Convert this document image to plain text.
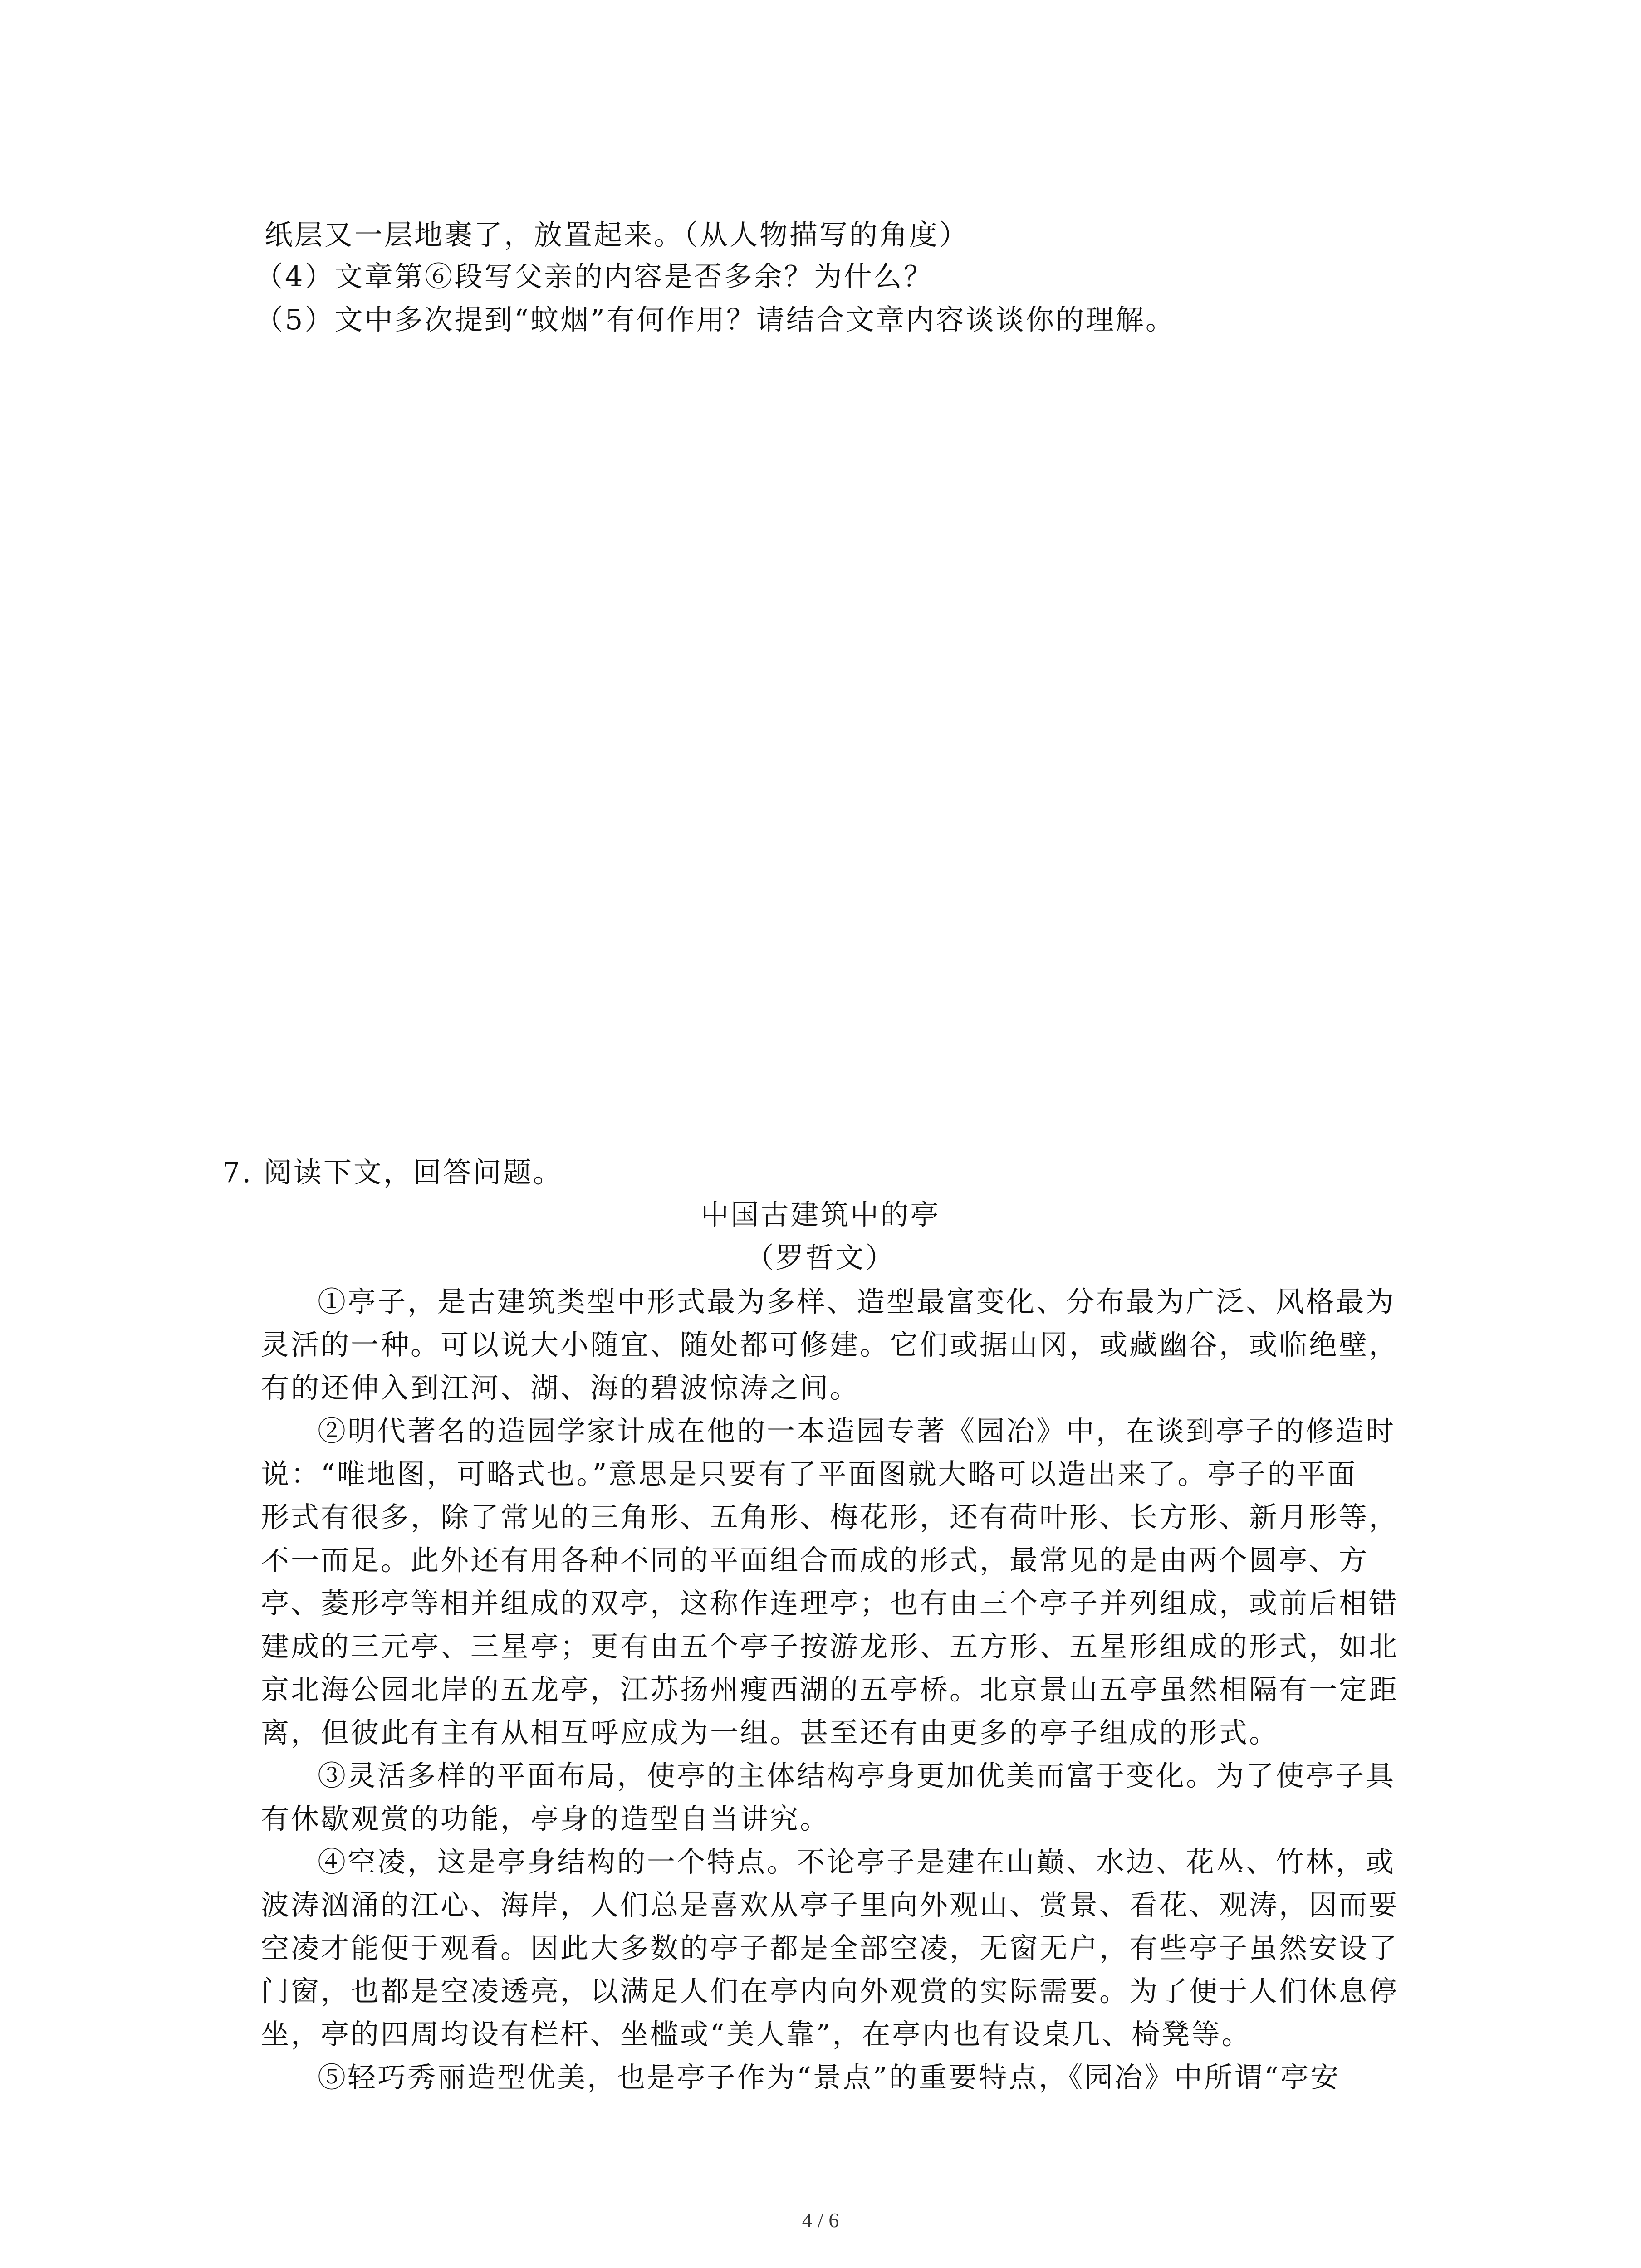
纸层又一层地裹了，放置起来。（从人物描写的角度）
（4）文章第⑥段写父亲的内容是否多余？为什么？
（5）文中多次提到“蚊烟”有何作用？请结合文章内容谈谈你的理解。
7. 阅读下文，回答问题。
中国古建筑中的亭
（罗哲文）
①亭子，是古建筑类型中形式最为多样、造型最富变化、分布最为广泛、风格最为
灵活的一种。可以说大小随宜、随处都可修建。它们或据山冈，或藏幽谷，或临绝壁，
有的还伸入到江河、湖、海的碧波惊涛之间。
②明代著名的造园学家计成在他的一本造园专著《园冶》中，在谈到亭子的修造时
说：“唯地图，可略式也。”意思是只要有了平面图就大略可以造出来了。亭子的平面
形式有很多，除了常见的三角形、五角形、梅花形，还有荷叶形、长方形、新月形等，
不一而足。此外还有用各种不同的平面组合而成的形式，最常见的是由两个圆亭、方
亭、菱形亭等相并组成的双亭，这称作连理亭；也有由三个亭子并列组成，或前后相错
建成的三元亭、三星亭；更有由五个亭子按游龙形、五方形、五星形组成的形式，如北
京北海公园北岸的五龙亭，江苏扬州瘦西湖的五亭桥。北京景山五亭虽然相隔有一定距
离，但彼此有主有从相互呼应成为一组。甚至还有由更多的亭子组成的形式。
③灵活多样的平面布局，使亭的主体结构亭身更加优美而富于变化。为了使亭子具
有休歇观赏的功能，亭身的造型自当讲究。
④空凌，这是亭身结构的一个特点。不论亭子是建在山巅、水边、花丛、竹林，或
波涛汹涌的江心、海岸，人们总是喜欢从亭子里向外观山、赏景、看花、观涛，因而要
空凌才能便于观看。因此大多数的亭子都是全部空凌，无窗无户，有些亭子虽然安设了
门窗，也都是空凌透亮，以满足人们在亭内向外观赏的实际需要。为了便于人们休息停
坐，亭的四周均设有栏杆、坐槛或“美人靠”，在亭内也有设桌几、椅凳等。
⑤轻巧秀丽造型优美，也是亭子作为“景点”的重要特点，《园冶》中所谓“亭安
4 / 6
